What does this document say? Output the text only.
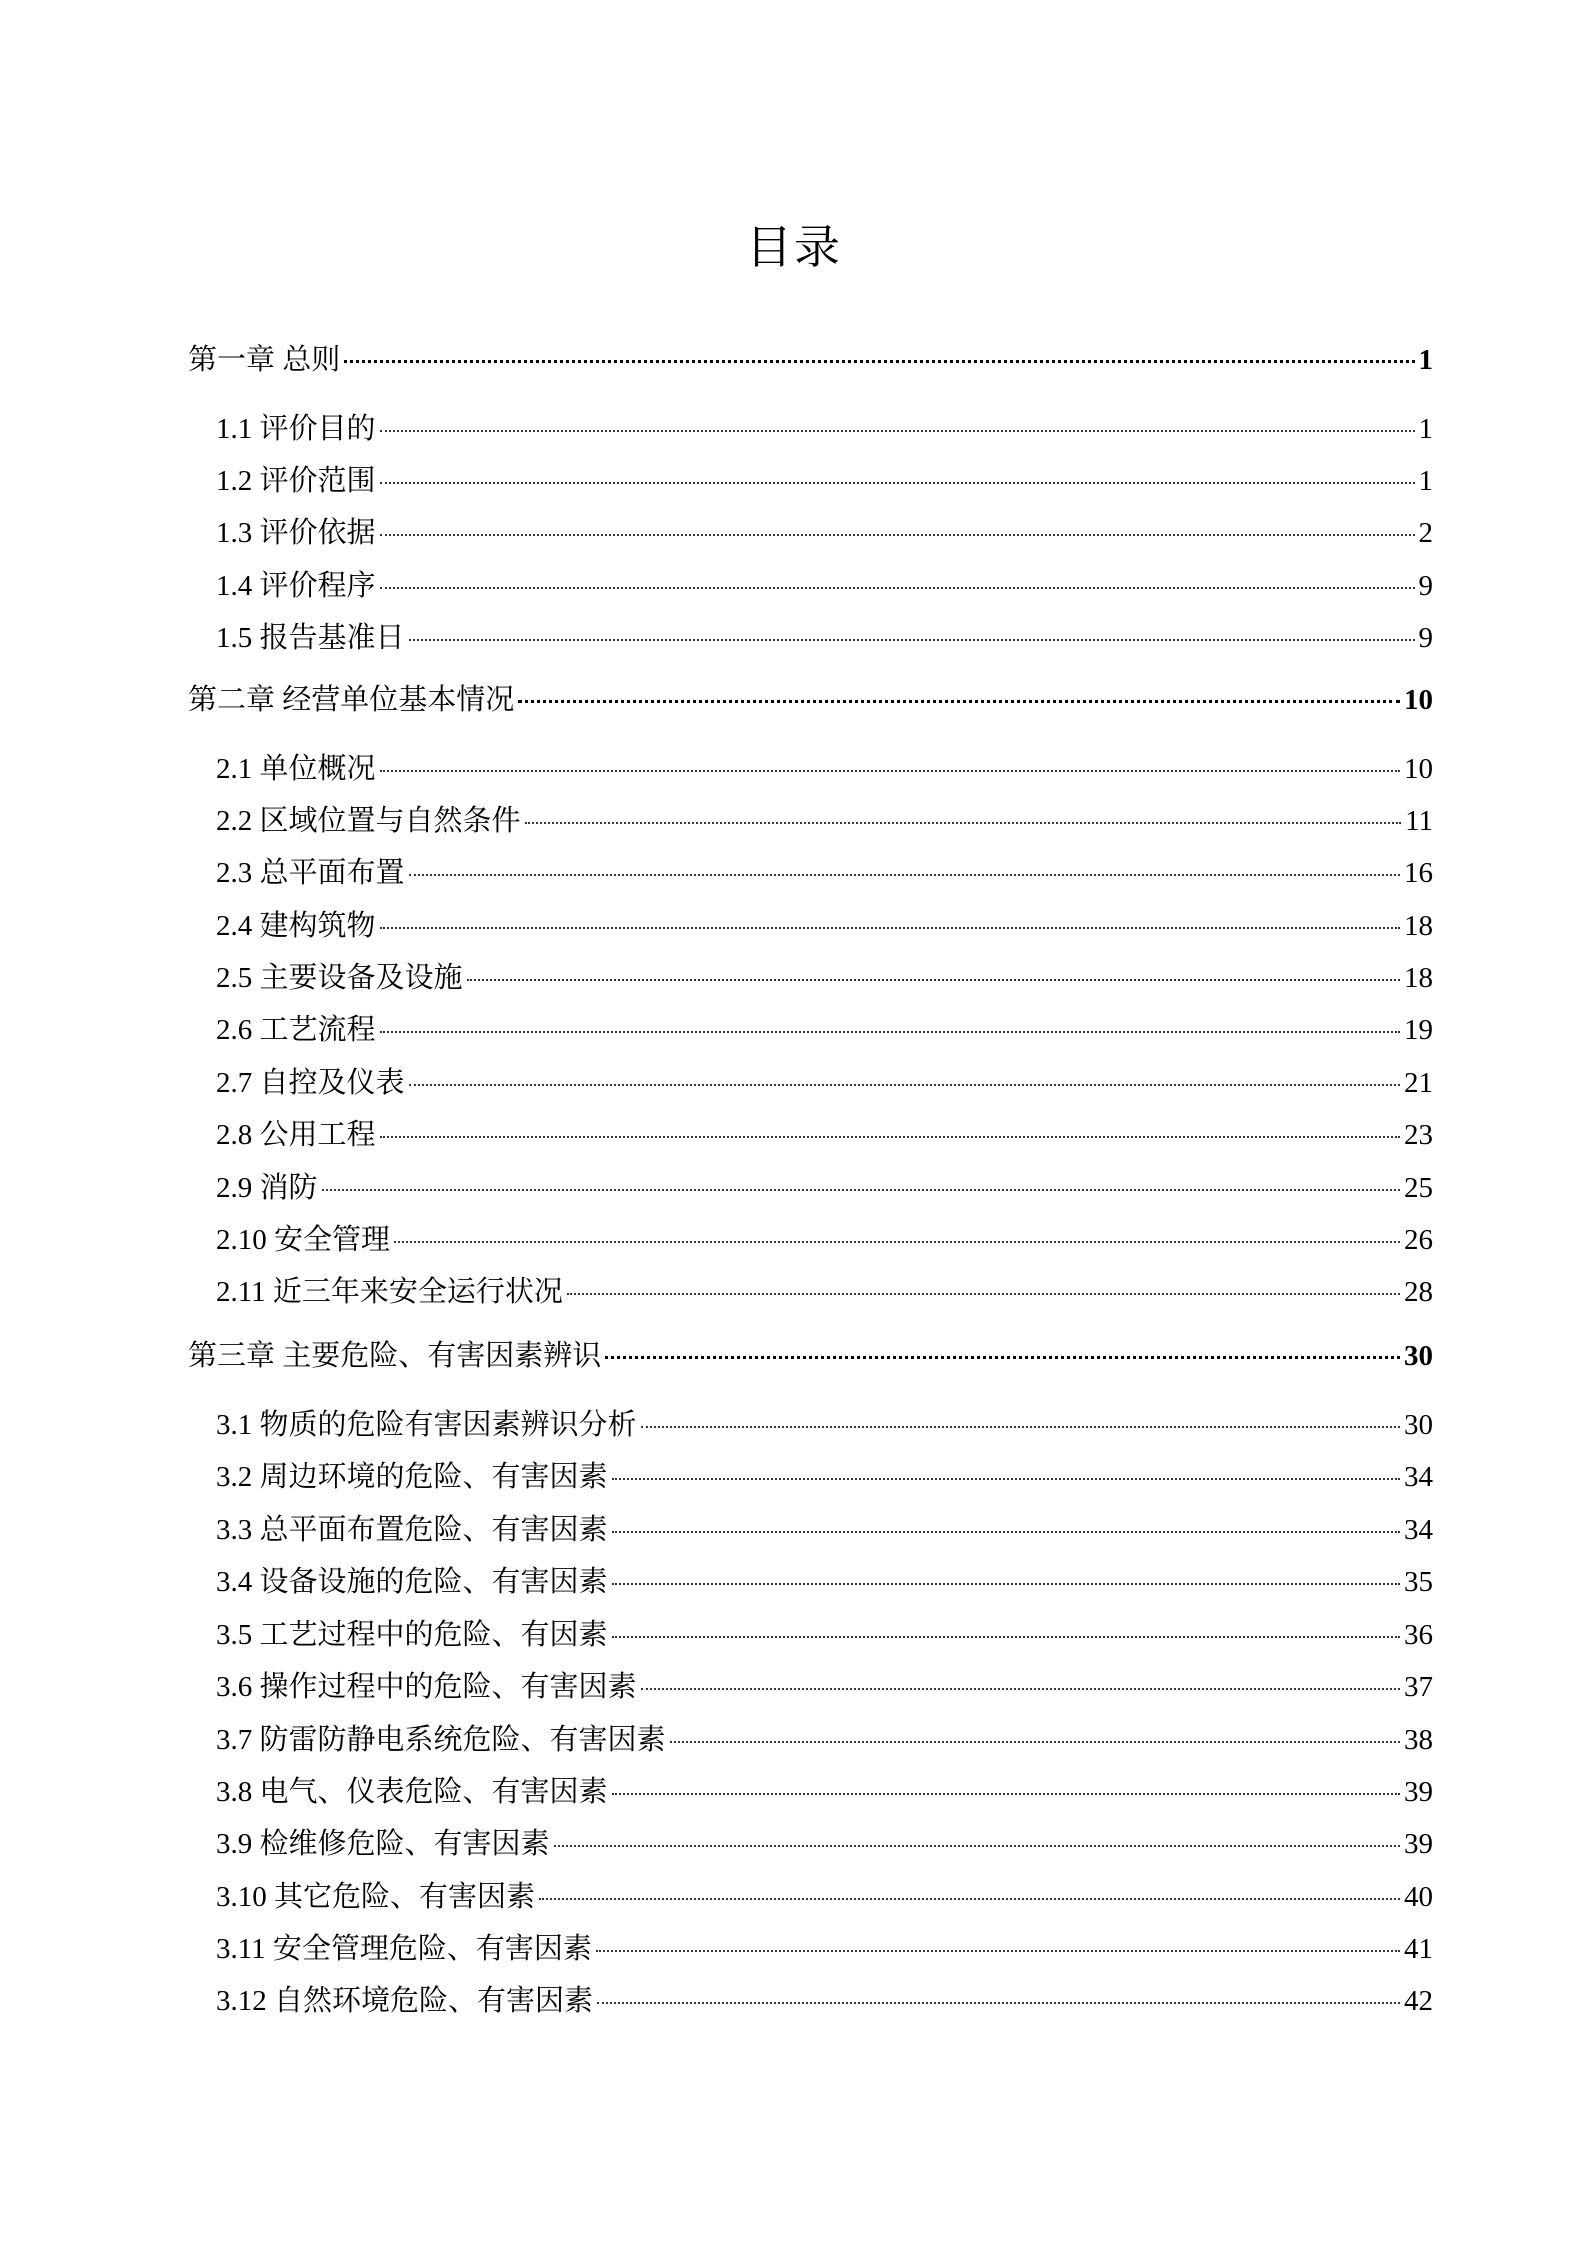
目录
第一章 总则	1
1.1 评价目的	1
1.2 评价范围	1
1.3 评价依据	2
1.4 评价程序	9
1.5 报告基准日	9
第二章 经营单位基本情况	10
2.1 单位概况	10
2.2 区域位置与自然条件	11
2.3 总平面布置	16
2.4 建构筑物	18
2.5 主要设备及设施	18
2.6 工艺流程	19
2.7 自控及仪表	21
2.8 公用工程	23
2.9 消防	25
2.10 安全管理	26
2.11 近三年来安全运行状况	28
第三章 主要危险、有害因素辨识	30
3.1 物质的危险有害因素辨识分析	30
3.2 周边环境的危险、有害因素	34
3.3 总平面布置危险、有害因素	34
3.4 设备设施的危险、有害因素	35
3.5 工艺过程中的危险、有因素	36
3.6 操作过程中的危险、有害因素	37
3.7 防雷防静电系统危险、有害因素	38
3.8 电气、仪表危险、有害因素	39
3.9 检维修危险、有害因素	39
3.10 其它危险、有害因素	40
3.11 安全管理危险、有害因素	41
3.12 自然环境危险、有害因素	42
